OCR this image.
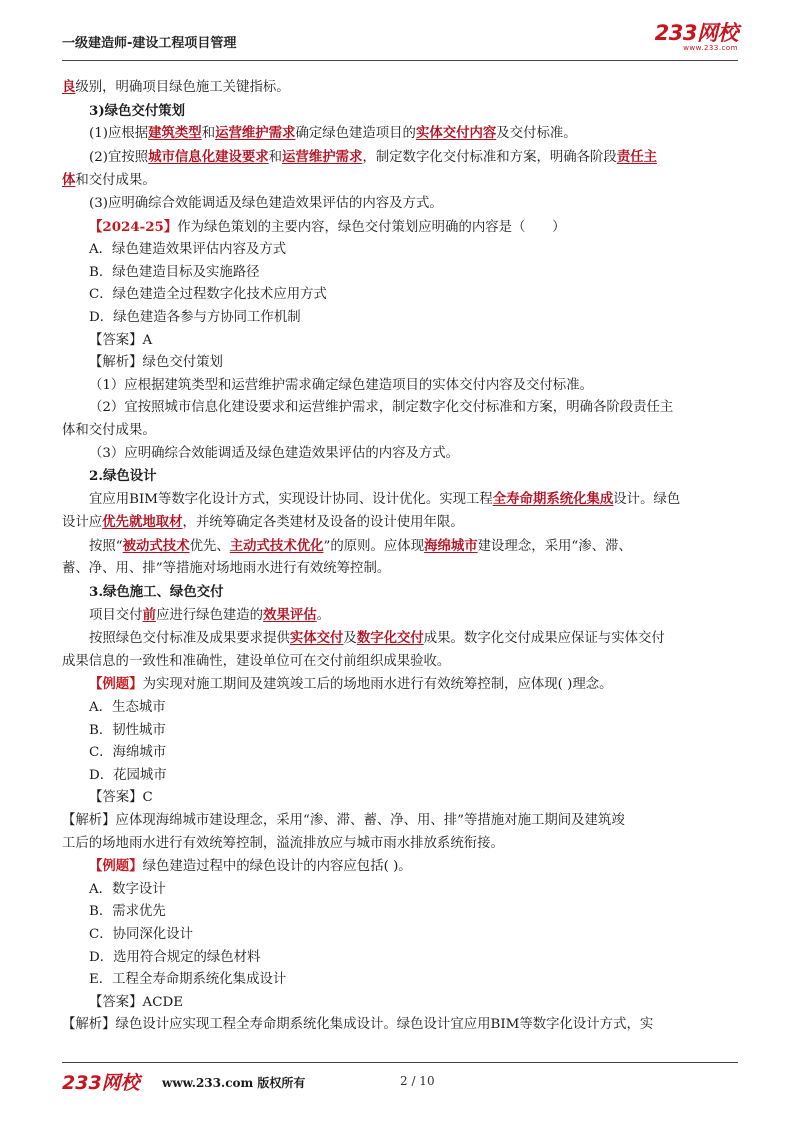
一级建造师-建设工程项目管理	233网校
www.233.com
良级别，明确项目绿色施工关键指标。
3)绿色交付策划
(1)应根据建筑类型和运营维护需求确定绿色建造项目的实体交付内容及交付标准。
(2)宜按照城市信息化建设要求和运营维护需求，制定数字化交付标准和方案，明确各阶段责任主
体和交付成果。
(3)应明确综合效能调适及绿色建造效果评估的内容及方式。
【2024-25】作为绿色策划的主要内容，绿色交付策划应明确的内容是（　　）
A．绿色建造效果评估内容及方式
B．绿色建造目标及实施路径
C．绿色建造全过程数字化技术应用方式
D．绿色建造各参与方协同工作机制
【答案】A
【解析】绿色交付策划
（1）应根据建筑类型和运营维护需求确定绿色建造项目的实体交付内容及交付标准。
（2）宜按照城市信息化建设要求和运营维护需求，制定数字化交付标准和方案，明确各阶段责任主
体和交付成果。
（3）应明确综合效能调适及绿色建造效果评估的内容及方式。
2.绿色设计
宜应用BIM等数字化设计方式，实现设计协同、设计优化。实现工程全寿命期系统化集成设计。绿色
设计应优先就地取材，并统筹确定各类建材及设备的设计使用年限。
按照“被动式技术优先、主动式技术优化”的原则。应体现海绵城市建设理念，采用“渗、滞、
蓄、净、用、排”等措施对场地雨水进行有效统筹控制。
3.绿色施工、绿色交付
项目交付前应进行绿色建造的效果评估。
按照绿色交付标准及成果要求提供实体交付及数字化交付成果。数字化交付成果应保证与实体交付
成果信息的一致性和准确性，建设单位可在交付前组织成果验收。
【例题】为实现对施工期间及建筑竣工后的场地雨水进行有效统筹控制，应体现( )理念。
A．生态城市
B．韧性城市
C．海绵城市
D．花园城市
【答案】C
【解析】应体现海绵城市建设理念，采用“渗、滞、蓄、净、用、排”等措施对施工期间及建筑竣
工后的场地雨水进行有效统筹控制，溢流排放应与城市雨水排放系统衔接。
【例题】绿色建造过程中的绿色设计的内容应包括( )。
A．数字设计
B．需求优先
C．协同深化设计
D．选用符合规定的绿色材料
E．工程全寿命期系统化集成设计
【答案】ACDE
【解析】绿色设计应实现工程全寿命期系统化集成设计。绿色设计宜应用BIM等数字化设计方式，实
233网校 www.233.com 版权所有	2 / 10
